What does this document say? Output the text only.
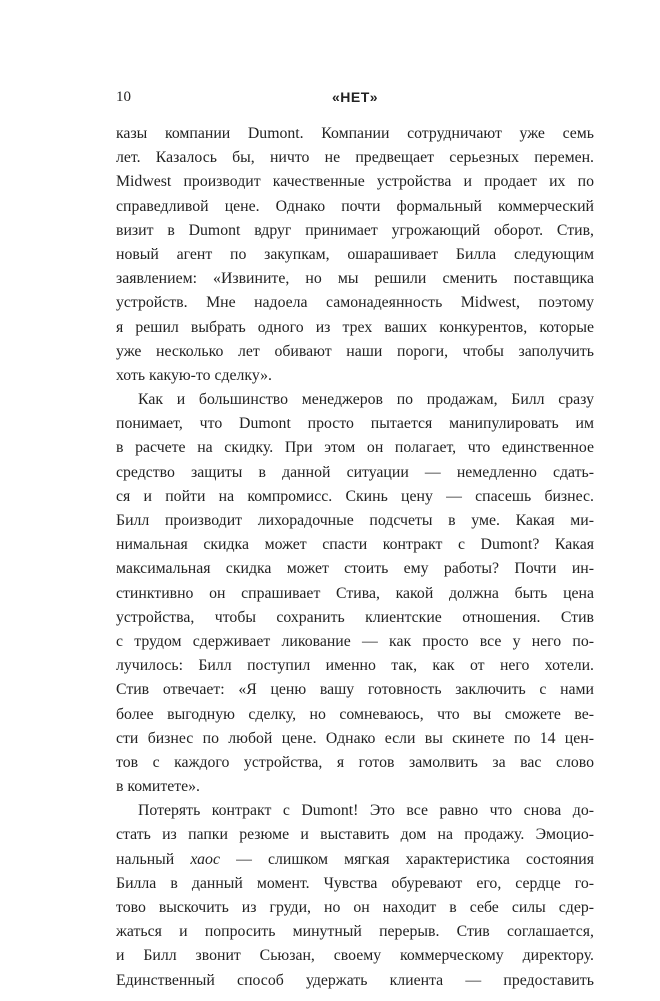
10	«НЕТ»
казы компании Dumont. Компании сотрудничают уже семь
лет. Казалось бы, ничто не предвещает серьезных перемен.
Midwest производит качественные устройства и продает их по
справедливой цене. Однако почти формальный коммерческий
визит в Dumont вдруг принимает угрожающий оборот. Стив,
новый агент по закупкам, ошарашивает Билла следующим
заявлением: «Извините, но мы решили сменить поставщика
устройств. Мне надоела самонадеянность Midwest, поэтому
я решил выбрать одного из трех ваших конкурентов, которые
уже несколько лет обивают наши пороги, чтобы заполучить
хоть какую-то сделку».
Как и большинство менеджеров по продажам, Билл сразу
понимает, что Dumont просто пытается манипулировать им
в расчете на скидку. При этом он полагает, что единственное
средство защиты в данной ситуации — немедленно сдать-
ся и пойти на компромисс. Скинь цену — спасешь бизнес.
Билл производит лихорадочные подсчеты в уме. Какая ми-
нимальная скидка может спасти контракт с Dumont? Какая
максимальная скидка может стоить ему работы? Почти ин-
стинктивно он спрашивает Стива, какой должна быть цена
устройства, чтобы сохранить клиентские отношения. Стив
с трудом сдерживает ликование — как просто все у него по-
лучилось: Билл поступил именно так, как от него хотели.
Стив отвечает: «Я ценю вашу готовность заключить с нами
более выгодную сделку, но сомневаюсь, что вы сможете ве-
сти бизнес по любой цене. Однако если вы скинете по 14 цен-
тов с каждого устройства, я готов замолвить за вас слово
в комитете».
Потерять контракт с Dumont! Это все равно что снова до-
стать из папки резюме и выставить дом на продажу. Эмоцио-
нальный хаос — слишком мягкая характеристика состояния
Билла в данный момент. Чувства обуревают его, сердце го-
тово выскочить из груди, но он находит в себе силы сдер-
жаться и попросить минутный перерыв. Стив соглашается,
и Билл звонит Сьюзан, своему коммерческому директору.
Единственный способ удержать клиента — предоставить
